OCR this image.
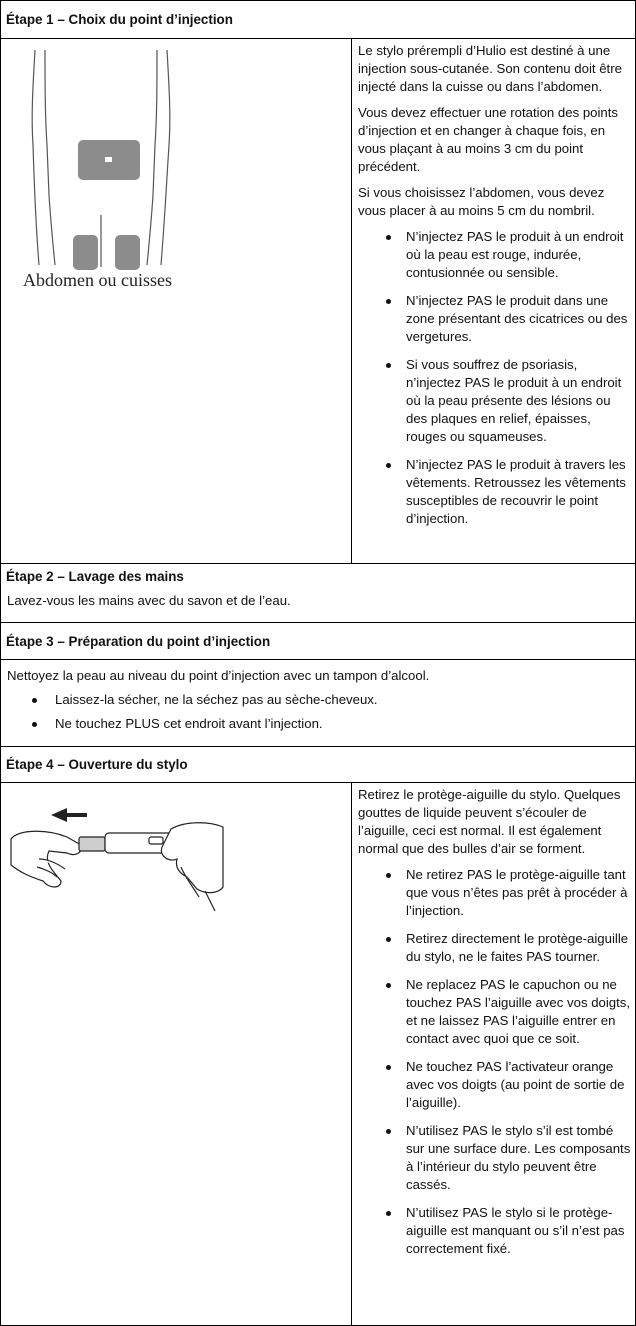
Étape 1 – Choix du point d’injection
Abdomen ou cuisses

Le stylo prérempli d’Hulio est destiné à une injection sous-cutanée. Son contenu doit être injecté dans la cuisse ou dans l’abdomen.

Vous devez effectuer une rotation des points d’injection et en changer à chaque fois, en vous plaçant à au moins 3 cm du point précédent.

Si vous choisissez l’abdomen, vous devez vous placer à au moins 5 cm du nombril.

N’injectez PAS le produit à un endroit où la peau est rouge, indurée, contusionnée ou sensible.
N’injectez PAS le produit dans une zone présentant des cicatrices ou des vergetures.
Si vous souffrez de psoriasis, n’injectez PAS le produit à un endroit où la peau présente des lésions ou des plaques en relief, épaisses, rouges ou squameuses.
N’injectez PAS le produit à travers les vêtements. Retroussez les vêtements susceptibles de recouvrir le point d’injection.
Étape 2 – Lavage des mains
Lavez-vous les mains avec du savon et de l’eau.
Étape 3 – Préparation du point d’injection
Nettoyez la peau au niveau du point d’injection avec un tampon d’alcool.
Laissez-la sécher, ne la séchez pas au sèche-cheveux.
Ne touchez PLUS cet endroit avant l’injection.
Étape 4 – Ouverture du stylo

Retirez le protège-aiguille du stylo. Quelques gouttes de liquide peuvent s’écouler de l’aiguille, ceci est normal. Il est également normal que des bulles d’air se forment.

Ne retirez PAS le protège-aiguille tant que vous n’êtes pas prêt à procéder à l’injection.
Retirez directement le protège-aiguille du stylo, ne le faites PAS tourner.
Ne replacez PAS le capuchon ou ne touchez PAS l’aiguille avec vos doigts, et ne laissez PAS l’aiguille entrer en contact avec quoi que ce soit.
Ne touchez PAS l’activateur orange avec vos doigts (au point de sortie de l’aiguille).
N’utilisez PAS le stylo s’il est tombé sur une surface dure. Les composants à l’intérieur du stylo peuvent être cassés.
N’utilisez PAS le stylo si le protège-aiguille est manquant ou s’il n’est pas correctement fixé.
